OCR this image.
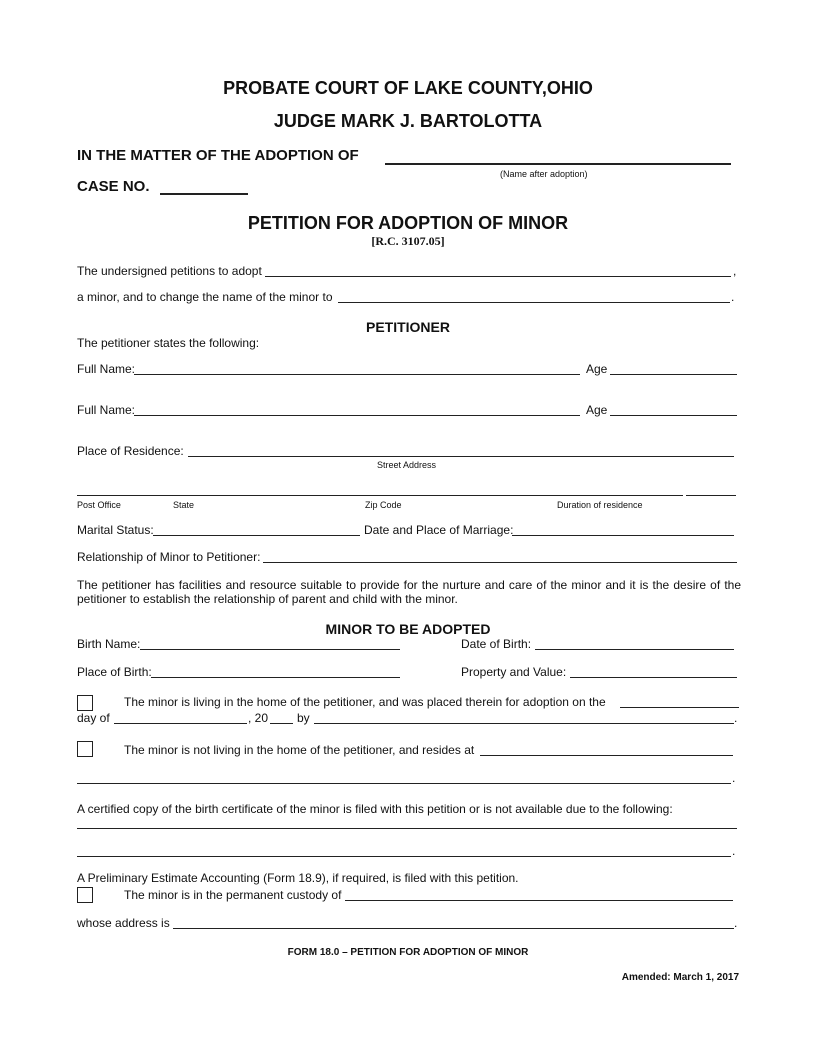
PROBATE COURT OF LAKE COUNTY,OHIO
JUDGE MARK J. BARTOLOTTA
IN THE MATTER OF THE ADOPTION OF
(Name after adoption)
CASE NO.
PETITION FOR ADOPTION OF MINOR
[R.C. 3107.05]
The undersigned petitions to adopt	,
a minor, and to change the name of the minor to	.
PETITIONER
The petitioner states the following:
Full Name:	Age
Full Name:	Age
Place of Residence:
Street Address
Post Office	State	Zip Code	Duration of residence
Marital Status:	Date and Place of Marriage:
Relationship of Minor to Petitioner:
The petitioner has facilities and resource suitable to provide for the nurture and care of the minor and it is the desire of the petitioner to establish the relationship of parent and child with the minor.
MINOR TO BE ADOPTED
Birth Name:	Date of Birth:
Place of Birth:	Property and Value:
The minor is living in the home of the petitioner, and was placed therein for adoption on the
day of	, 20 by	.
The minor is not living in the home of the petitioner, and resides at
.
A certified copy of the birth certificate of the minor is filed with this petition or is not available due to the following:
.
A Preliminary Estimate Accounting (Form 18.9), if required, is filed with this petition.
The minor is in the permanent custody of
whose address is	.
FORM 18.0 – PETITION FOR ADOPTION OF MINOR
Amended: March 1, 2017
